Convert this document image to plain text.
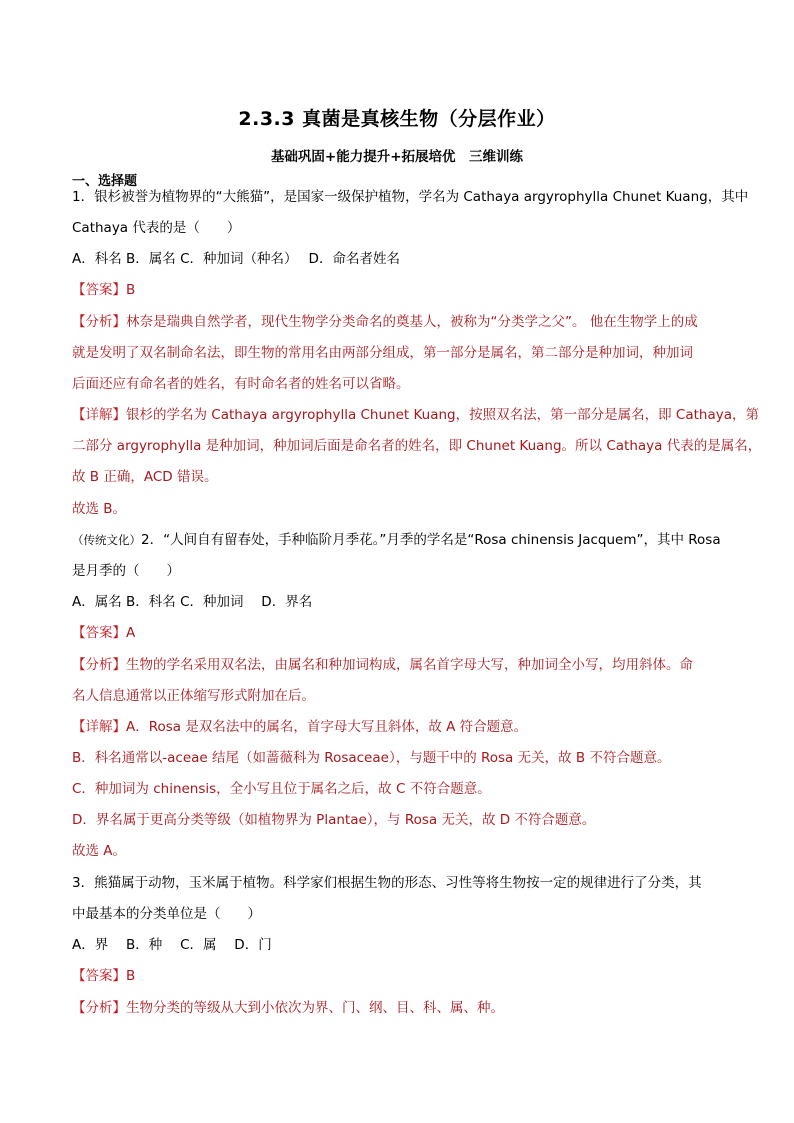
2.3.3 真菌是真核生物（分层作业）
基础巩固+能力提升+拓展培优　三维训练
一、选择题
1．银杉被誉为植物界的“大熊猫”，是国家一级保护植物，学名为 Cathaya argyrophylla Chunet Kuang，其中
Cathaya 代表的是（　　）
A．科名 B．属名 C．种加词（种名）　 D．命名者姓名
【答案】B
【分析】林奈是瑞典自然学者，现代生物学分类命名的奠基人，被称为“分类学之父”。 他在生物学上的成
就是发明了双名制命名法，即生物的常用名由两部分组成，第一部分是属名，第二部分是种加词，种加词
后面还应有命名者的姓名，有时命名者的姓名可以省略。
【详解】银杉的学名为 Cathaya argyrophylla Chunet Kuang，按照双名法，第一部分是属名，即 Cathaya，第
二部分 argyrophylla 是种加词，种加词后面是命名者的姓名，即 Chunet Kuang。所以 Cathaya 代表的是属名，
故 B 正确，ACD 错误。
故选 B。
（传统文化）2．“人间自有留春处，手种临阶月季花。”月季的学名是“Rosa chinensis Jacquem”，其中 Rosa
是月季的（　　）
A．属名 B．科名 C．种加词　 D．界名
【答案】A
【分析】生物的学名采用双名法，由属名和种加词构成，属名首字母大写，种加词全小写，均用斜体。命
名人信息通常以正体缩写形式附加在后。
【详解】A．Rosa 是双名法中的属名，首字母大写且斜体，故 A 符合题意。
B．科名通常以-aceae 结尾（如蔷薇科为 Rosaceae），与题干中的 Rosa 无关，故 B 不符合题意。
C．种加词为 chinensis，全小写且位于属名之后，故 C 不符合题意。
D．界名属于更高分类等级（如植物界为 Plantae），与 Rosa 无关，故 D 不符合题意。
故选 A。
3．熊猫属于动物，玉米属于植物。科学家们根据生物的形态、习性等将生物按一定的规律进行了分类，其
中最基本的分类单位是（　　）
A．界　 B．种　 C．属　 D．门
【答案】B
【分析】生物分类的等级从大到小依次为界、门、纲、目、科、属、种。
